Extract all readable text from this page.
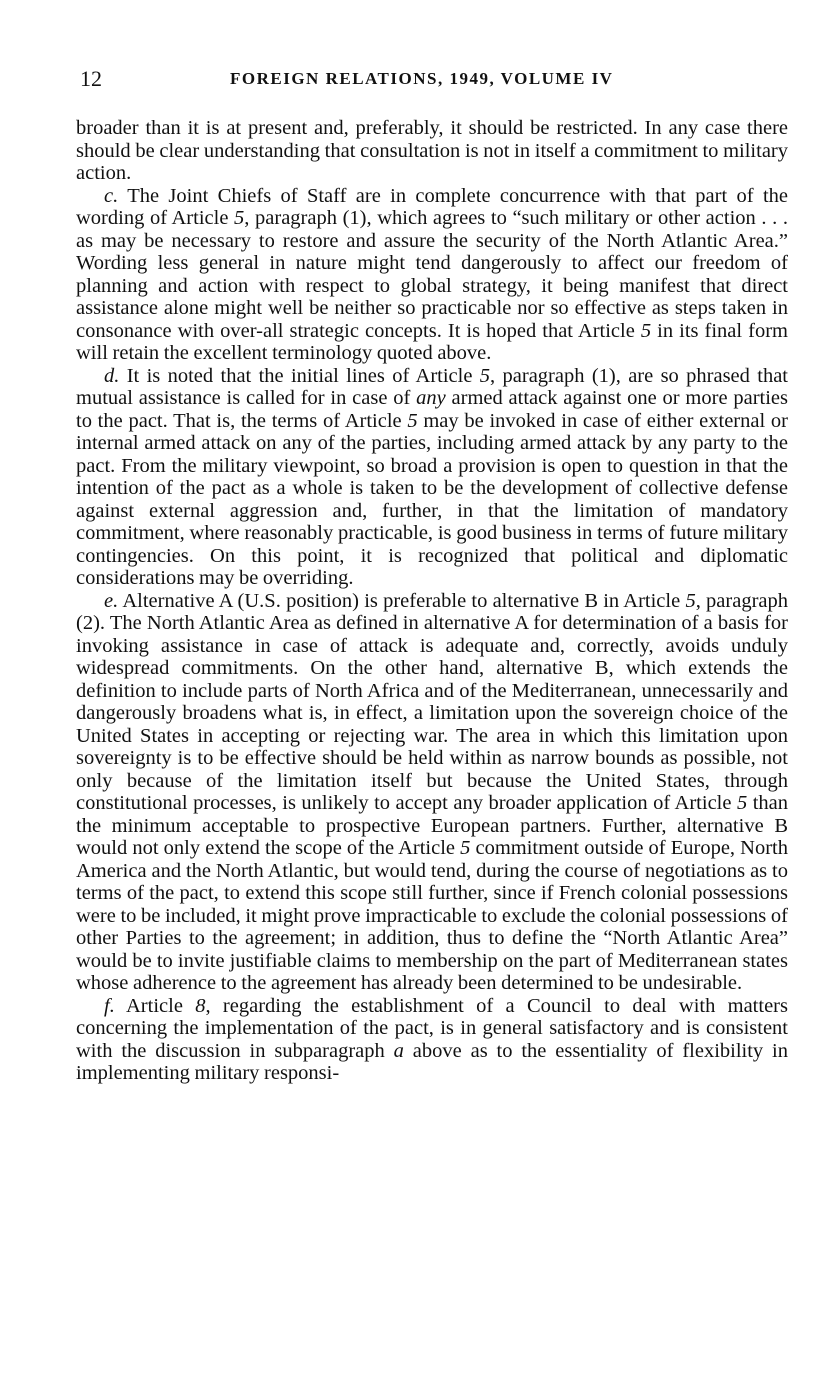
12	FOREIGN RELATIONS, 1949, VOLUME IV

broader than it is at present and, preferably, it should be restricted. In any case there should be clear understanding that consultation is not in itself a commitment to military action.

c. The Joint Chiefs of Staff are in complete concurrence with that part of the wording of Article 5, paragraph (1), which agrees to “such military or other action . . . as may be necessary to restore and assure the security of the North Atlantic Area.” Wording less general in nature might tend dangerously to affect our freedom of planning and action with respect to global strategy, it being manifest that direct assistance alone might well be neither so practicable nor so effective as steps taken in consonance with over-all strategic concepts. It is hoped that Article 5 in its final form will retain the excellent terminology quoted above.

d. It is noted that the initial lines of Article 5, paragraph (1), are so phrased that mutual assistance is called for in case of any armed attack against one or more parties to the pact. That is, the terms of Article 5 may be invoked in case of either external or internal armed attack on any of the parties, including armed attack by any party to the pact. From the military viewpoint, so broad a provision is open to question in that the intention of the pact as a whole is taken to be the development of collective defense against external aggression and, further, in that the limitation of mandatory commitment, where reasonably practicable, is good business in terms of future military contingencies. On this point, it is recognized that political and diplomatic considerations may be overriding.

e. Alternative A (U.S. position) is preferable to alternative B in Article 5, paragraph (2). The North Atlantic Area as defined in alternative A for determination of a basis for invoking assistance in case of attack is adequate and, correctly, avoids unduly widespread commitments. On the other hand, alternative B, which extends the definition to include parts of North Africa and of the Mediterranean, unnecessarily and dangerously broadens what is, in effect, a limitation upon the sovereign choice of the United States in accepting or rejecting war. The area in which this limitation upon sovereignty is to be effective should be held within as narrow bounds as possible, not only because of the limitation itself but because the United States, through constitutional processes, is unlikely to accept any broader application of Article 5 than the minimum acceptable to prospective European partners. Further, alternative B would not only extend the scope of the Article 5 commitment outside of Europe, North America and the North Atlantic, but would tend, during the course of negotiations as to terms of the pact, to extend this scope still further, since if French colonial possessions were to be included, it might prove impracticable to exclude the colonial possessions of other Parties to the agreement; in addition, thus to define the “North Atlantic Area” would be to invite justifiable claims to membership on the part of Mediterranean states whose adherence to the agreement has already been determined to be undesirable.

f. Article 8, regarding the establishment of a Council to deal with matters concerning the implementation of the pact, is in general satisfactory and is consistent with the discussion in subparagraph a above as to the essentiality of flexibility in implementing military responsi-
